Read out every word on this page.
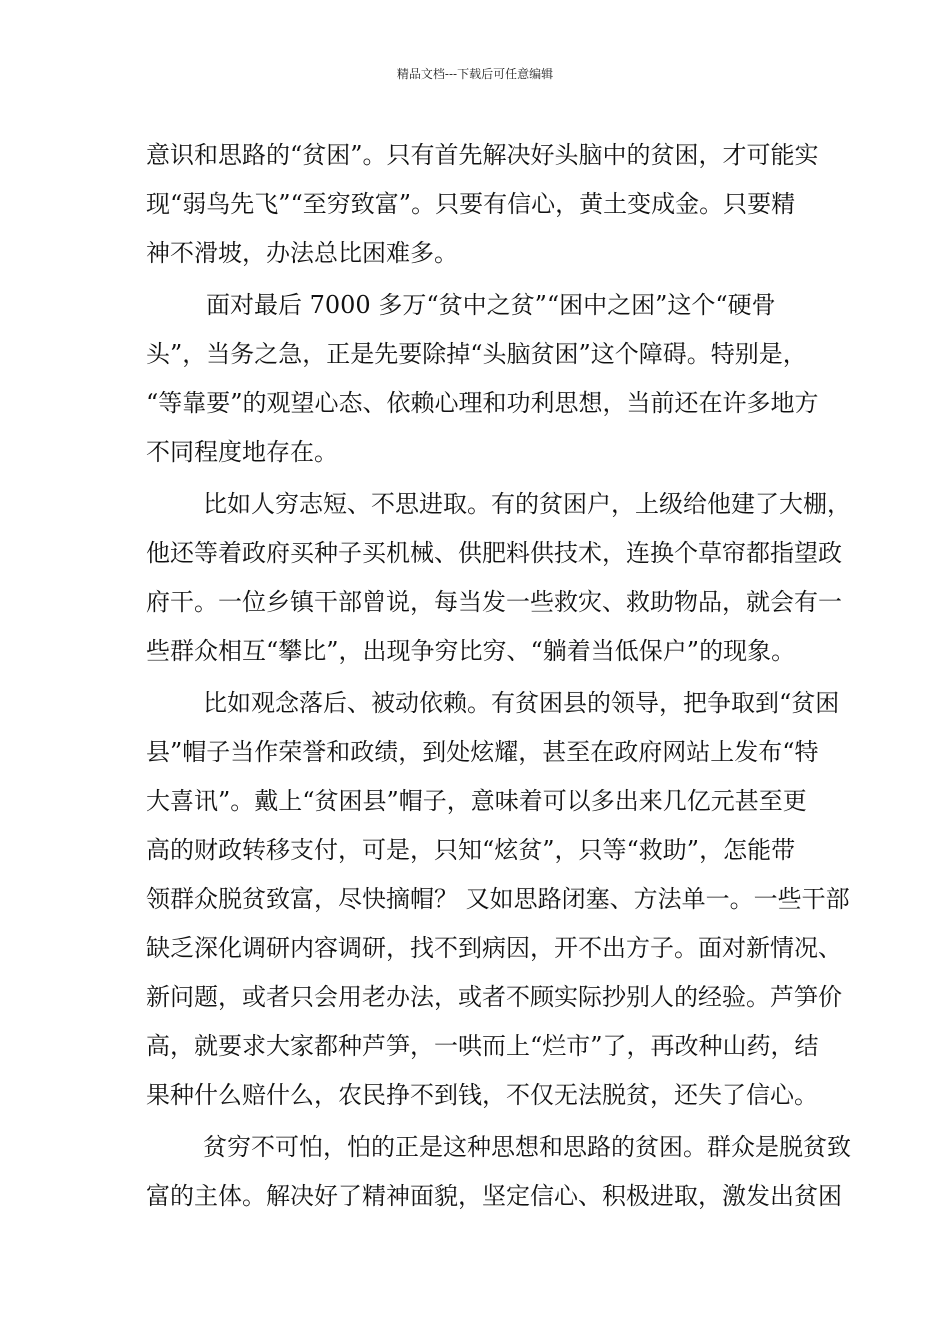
精品文档---下载后可任意编辑
意识和思路的“贫困”。只有首先解决好头脑中的贫困，才可能实
现“弱鸟先飞”“至穷致富”。只要有信心，黄土变成金。只要精
神不滑坡，办法总比困难多。
面对最后 7000 多万“贫中之贫”“困中之困”这个“硬骨
头”，当务之急，正是先要除掉“头脑贫困”这个障碍。特别是，
“等靠要”的观望心态、依赖心理和功利思想，当前还在许多地方
不同程度地存在。
比如人穷志短、不思进取。有的贫困户，上级给他建了大棚，
他还等着政府买种子买机械、供肥料供技术，连换个草帘都指望政
府干。一位乡镇干部曾说，每当发一些救灾、救助物品，就会有一
些群众相互“攀比”，出现争穷比穷、“躺着当低保户”的现象。
比如观念落后、被动依赖。有贫困县的领导，把争取到“贫困
县”帽子当作荣誉和政绩，到处炫耀，甚至在政府网站上发布“特
大喜讯”。戴上“贫困县”帽子，意味着可以多出来几亿元甚至更
高的财政转移支付，可是，只知“炫贫”，只等“救助”，怎能带
领群众脱贫致富，尽快摘帽？ 又如思路闭塞、方法单一。一些干部
缺乏深化调研内容调研，找不到病因，开不出方子。面对新情况、
新问题，或者只会用老办法，或者不顾实际抄别人的经验。芦笋价
高，就要求大家都种芦笋，一哄而上“烂市”了，再改种山药，结
果种什么赔什么，农民挣不到钱，不仅无法脱贫，还失了信心。
贫穷不可怕，怕的正是这种思想和思路的贫困。群众是脱贫致
富的主体。解决好了精神面貌，坚定信心、积极进取，激发出贫困
